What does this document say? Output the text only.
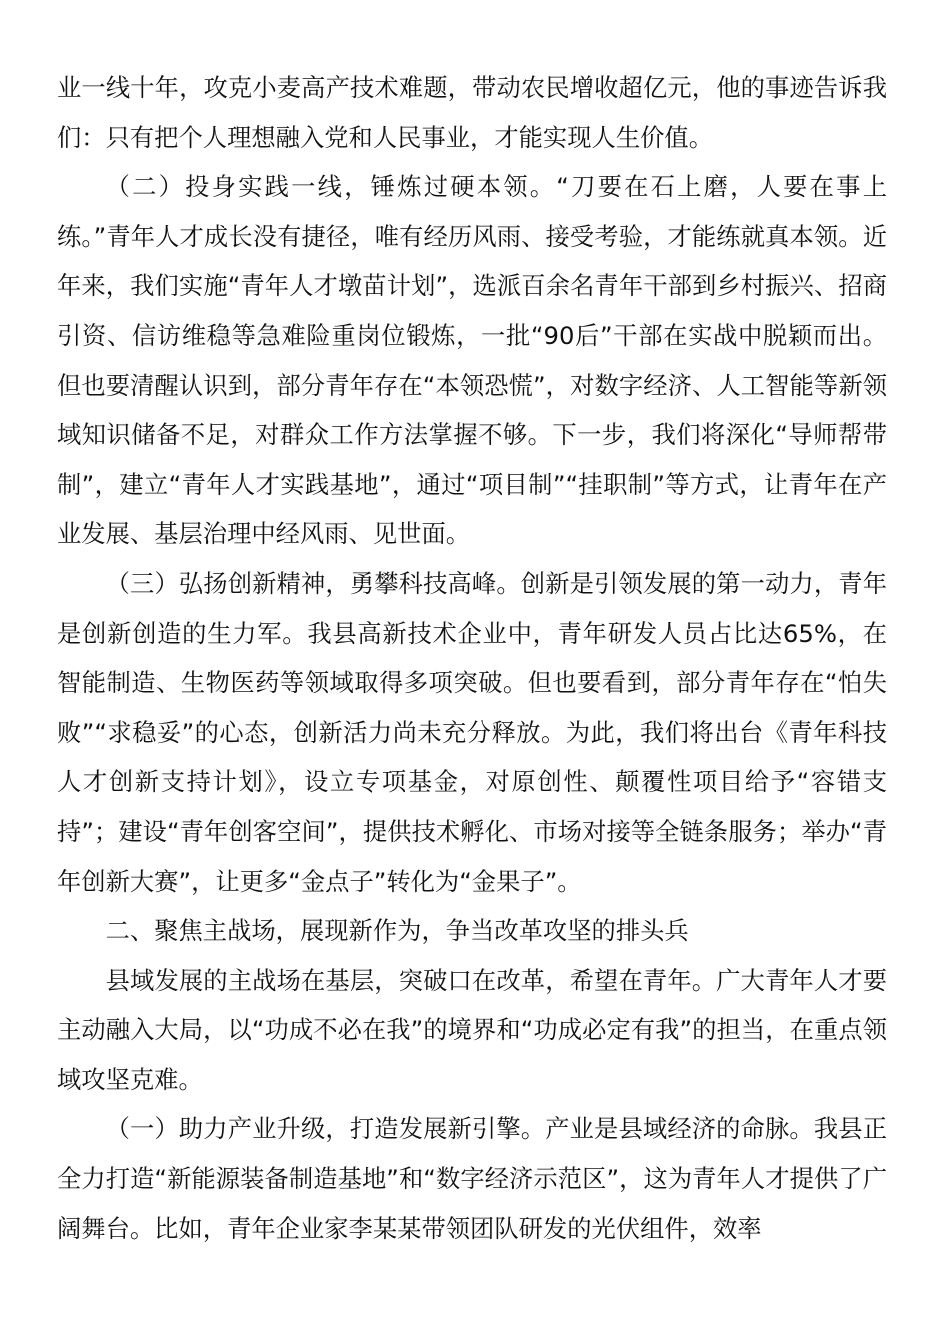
业一线十年，攻克小麦高产技术难题，带动农民增收超亿元，他的事迹告诉我们：只有把个人理想融入党和人民事业，才能实现人生价值。

（二）投身实践一线，锤炼过硬本领。“刀要在石上磨，人要在事上练。”青年人才成长没有捷径，唯有经历风雨、接受考验，才能练就真本领。近年来，我们实施“青年人才墩苗计划”，选派百余名青年干部到乡村振兴、招商引资、信访维稳等急难险重岗位锻炼，一批“90后”干部在实战中脱颖而出。但也要清醒认识到，部分青年存在“本领恐慌”，对数字经济、人工智能等新领域知识储备不足，对群众工作方法掌握不够。下一步，我们将深化“导师帮带制”，建立“青年人才实践基地”，通过“项目制”“挂职制”等方式，让青年在产业发展、基层治理中经风雨、见世面。

（三）弘扬创新精神，勇攀科技高峰。创新是引领发展的第一动力，青年是创新创造的生力军。我县高新技术企业中，青年研发人员占比达65%，在智能制造、生物医药等领域取得多项突破。但也要看到，部分青年存在“怕失败”“求稳妥”的心态，创新活力尚未充分释放。为此，我们将出台《青年科技人才创新支持计划》，设立专项基金，对原创性、颠覆性项目给予“容错支持”；建设“青年创客空间”，提供技术孵化、市场对接等全链条服务；举办“青年创新大赛”，让更多“金点子”转化为“金果子”。

二、聚焦主战场，展现新作为，争当改革攻坚的排头兵

县域发展的主战场在基层，突破口在改革，希望在青年。广大青年人才要主动融入大局，以“功成不必在我”的境界和“功成必定有我”的担当，在重点领域攻坚克难。

（一）助力产业升级，打造发展新引擎。产业是县域经济的命脉。我县正全力打造“新能源装备制造基地”和“数字经济示范区”，这为青年人才提供了广阔舞台。比如，青年企业家李某某带领团队研发的光伏组件，效率
